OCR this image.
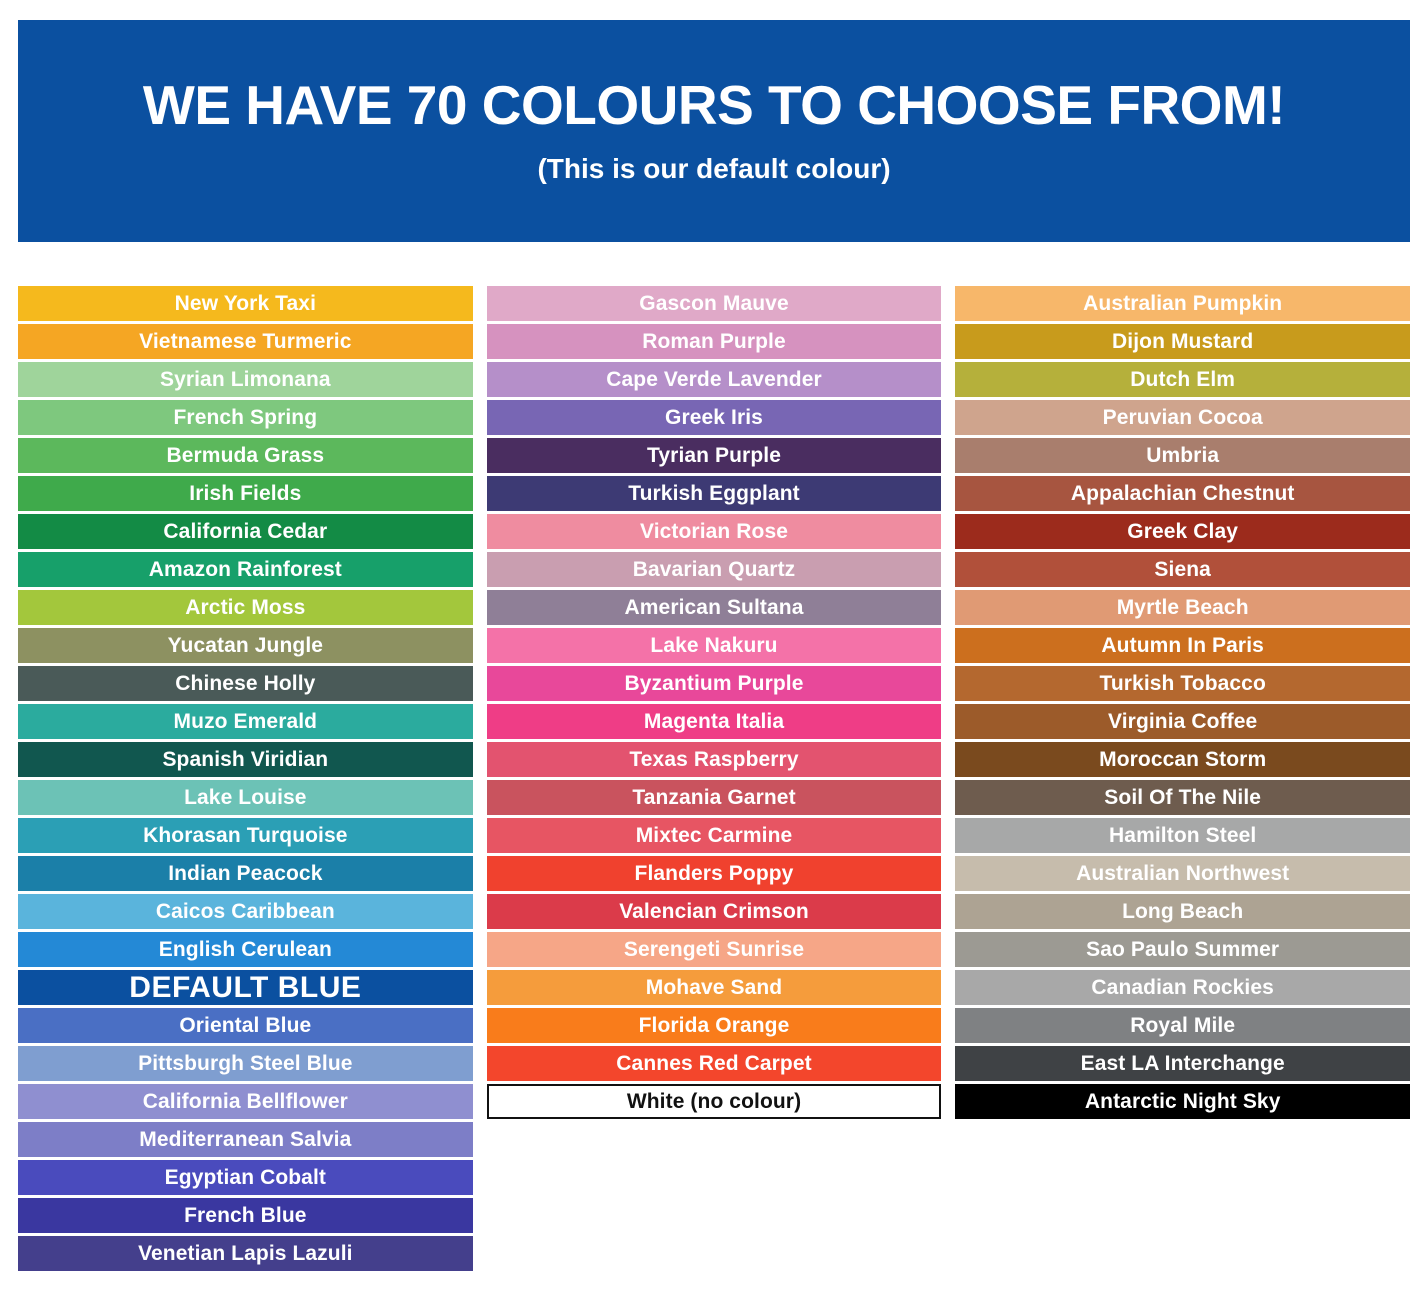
WE HAVE 70 COLOURS TO CHOOSE FROM!
(This is our default colour)
New York Taxi
Vietnamese Turmeric
Syrian Limonana
French Spring
Bermuda Grass
Irish Fields
California Cedar
Amazon Rainforest
Arctic Moss
Yucatan Jungle
Chinese Holly
Muzo Emerald
Spanish Viridian
Lake Louise
Khorasan Turquoise
Indian Peacock
Caicos Caribbean
English Cerulean
DEFAULT BLUE
Oriental Blue
Pittsburgh Steel Blue
California Bellflower
Mediterranean Salvia
Egyptian Cobalt
French Blue
Venetian Lapis Lazuli
Gascon Mauve
Roman Purple
Cape Verde Lavender
Greek Iris
Tyrian Purple
Turkish Eggplant
Victorian Rose
Bavarian Quartz
American Sultana
Lake Nakuru
Byzantium Purple
Magenta Italia
Texas Raspberry
Tanzania Garnet
Mixtec Carmine
Flanders Poppy
Valencian Crimson
Serengeti Sunrise
Mohave Sand
Florida Orange
Cannes Red Carpet
White (no colour)
Australian Pumpkin
Dijon Mustard
Dutch Elm
Peruvian Cocoa
Umbria
Appalachian Chestnut
Greek Clay
Siena
Myrtle Beach
Autumn In Paris
Turkish Tobacco
Virginia Coffee
Moroccan Storm
Soil Of The Nile
Hamilton Steel
Australian Northwest
Long Beach
Sao Paulo Summer
Canadian Rockies
Royal Mile
East LA Interchange
Antarctic Night Sky
